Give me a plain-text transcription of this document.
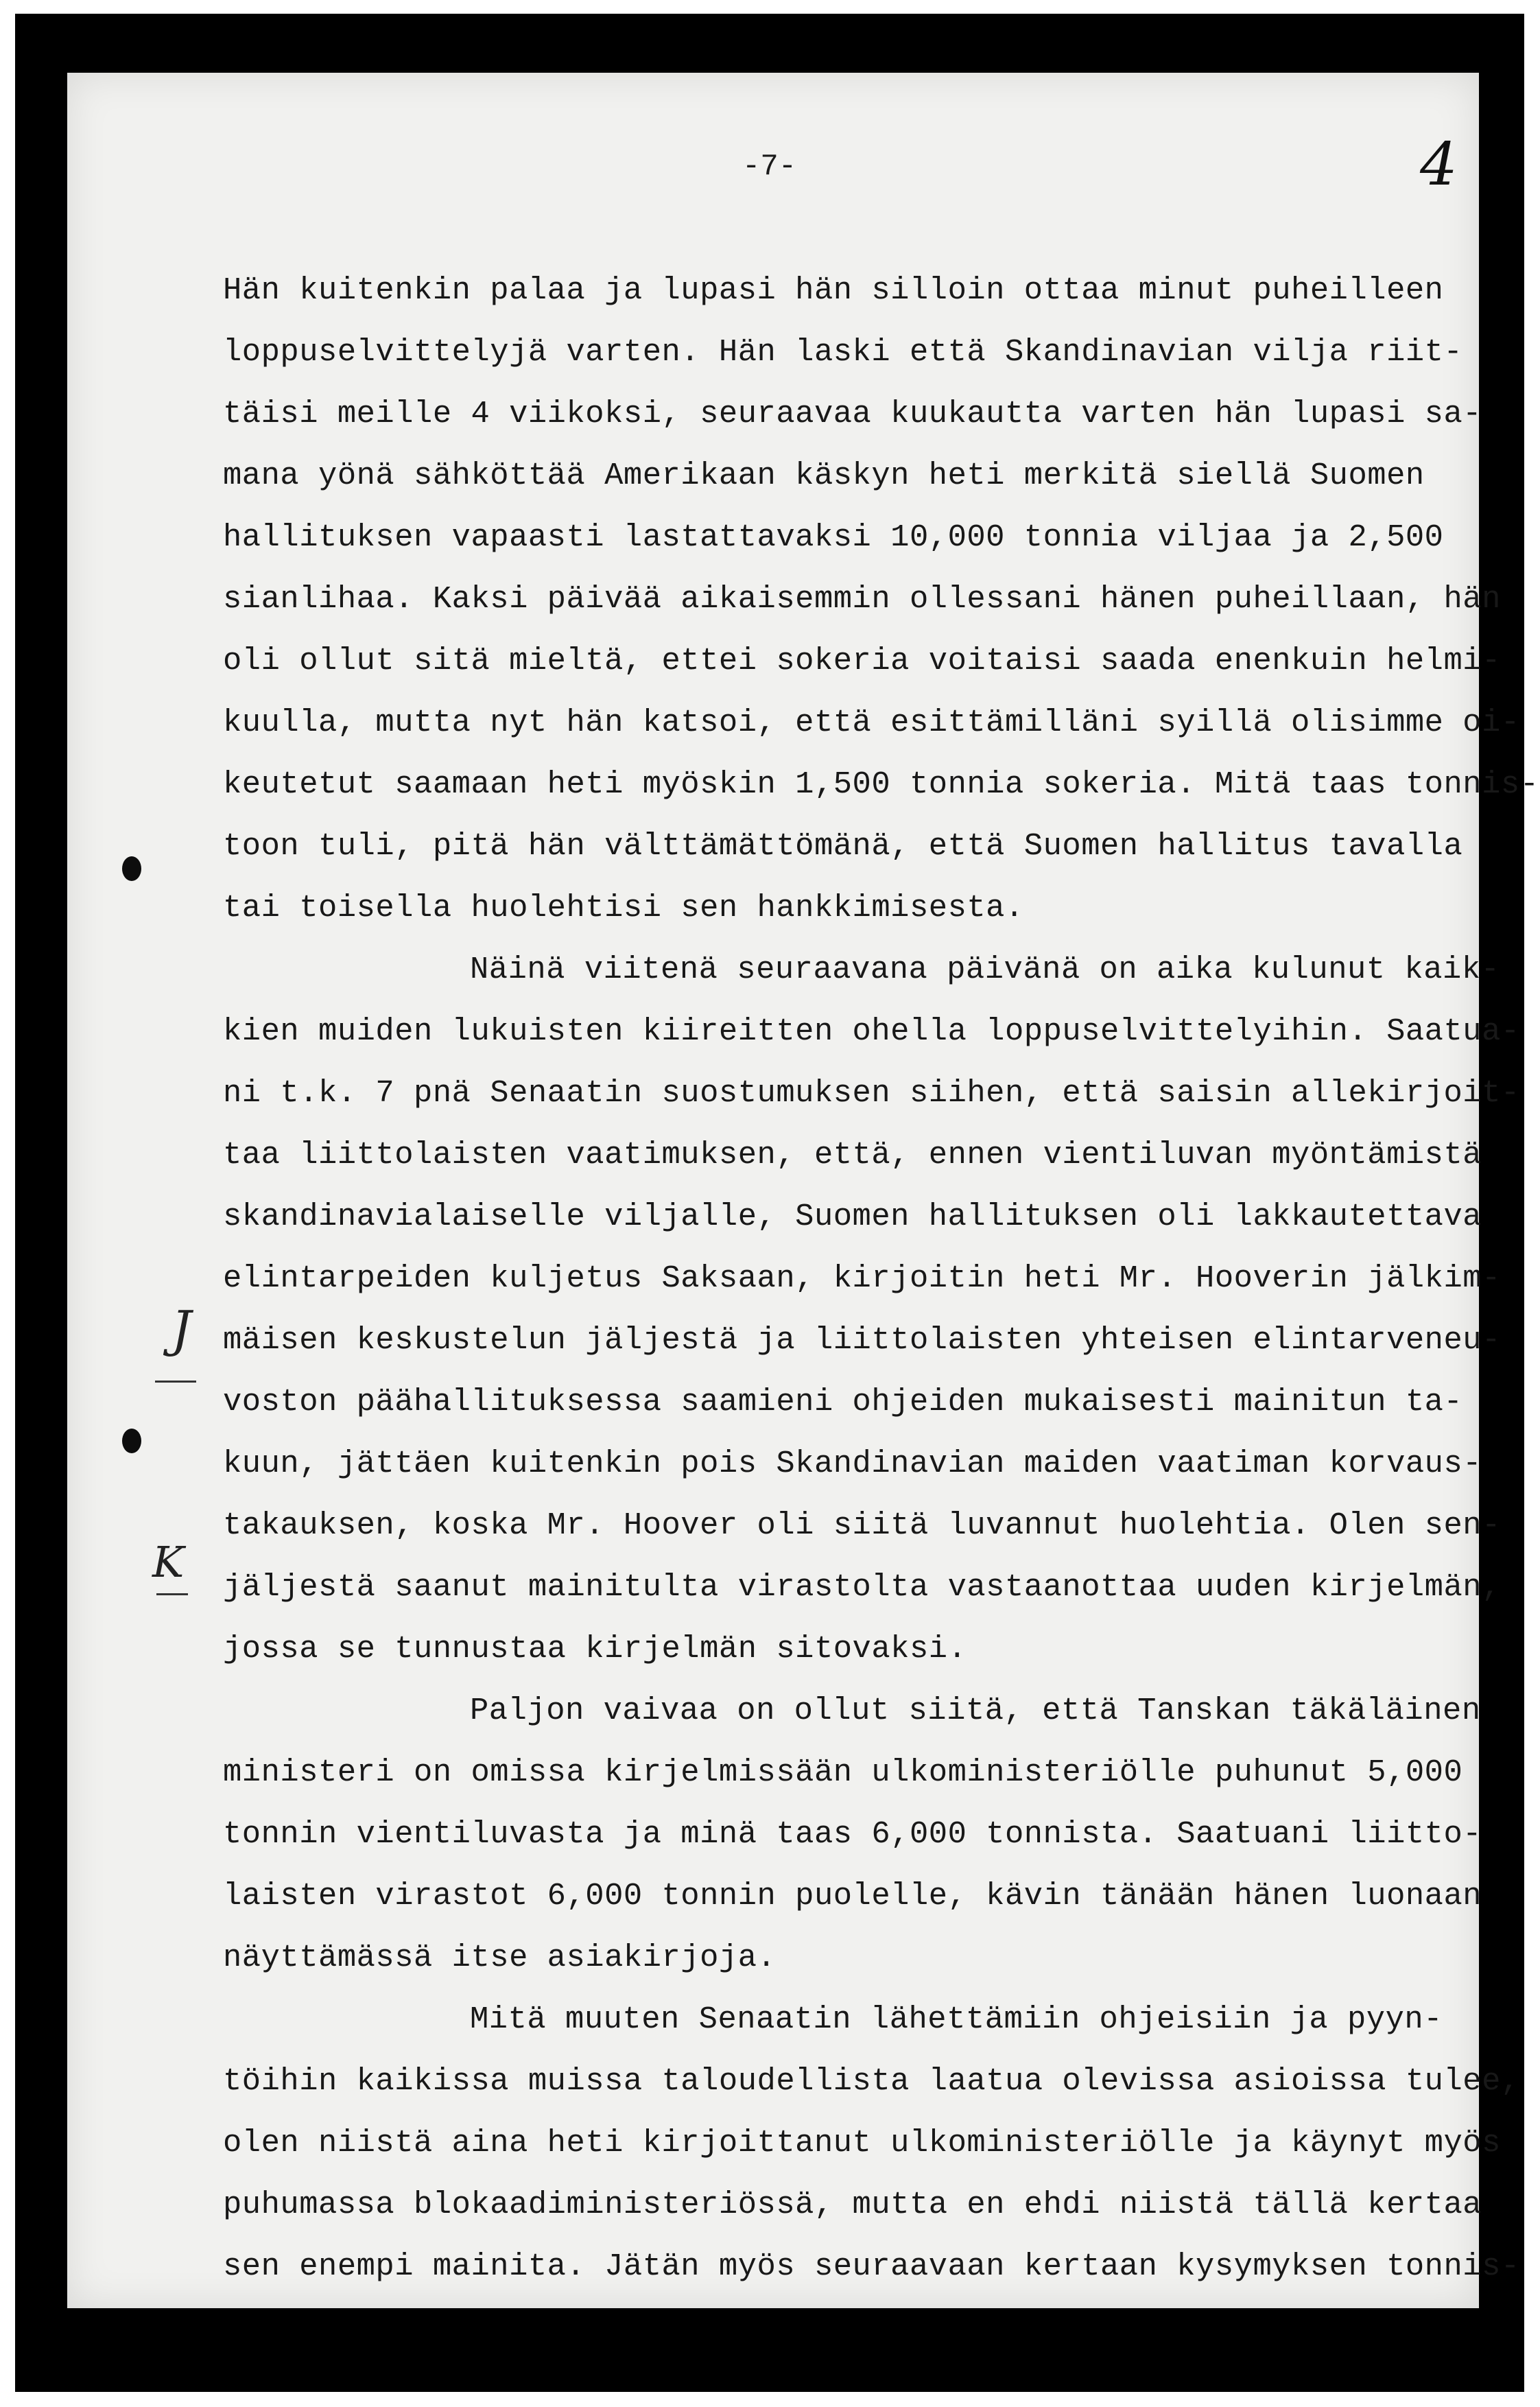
-7-	4
J
K
Hän kuitenkin palaa ja lupasi hän silloin ottaa minut puheilleen
loppuselvittelyjä varten. Hän laski että Skandinavian vilja riit-
täisi meille 4 viikoksi, seuraavaa kuukautta varten hän lupasi sa-
mana yönä sähköttää Amerikaan käskyn heti merkitä siellä Suomen
hallituksen vapaasti lastattavaksi 10,000 tonnia viljaa ja 2,500
sianlihaa. Kaksi päivää aikaisemmin ollessani hänen puheillaan, hän
oli ollut sitä mieltä, ettei sokeria voitaisi saada enenkuin helmi-
kuulla, mutta nyt hän katsoi, että esittämilläni syillä olisimme oi-
keutetut saamaan heti myöskin 1,500 tonnia sokeria. Mitä taas tonnis-
toon tuli, pitä hän välttämättömänä, että Suomen hallitus tavalla
tai toisella huolehtisi sen hankkimisesta.
Näinä viitenä seuraavana päivänä on aika kulunut kaik-
kien muiden lukuisten kiireitten ohella loppuselvittelyihin. Saatua-
ni t.k. 7 pnä Senaatin suostumuksen siihen, että saisin allekirjoit-
taa liittolaisten vaatimuksen, että, ennen vientiluvan myöntämistä
skandinavialaiselle viljalle, Suomen hallituksen oli lakkautettava
elintarpeiden kuljetus Saksaan, kirjoitin heti Mr. Hooverin jälkim-
mäisen keskustelun jäljestä ja liittolaisten yhteisen elintarveneu-
voston päähallituksessa saamieni ohjeiden mukaisesti mainitun ta-
kuun, jättäen kuitenkin pois Skandinavian maiden vaatiman korvaus-
takauksen, koska Mr. Hoover oli siitä luvannut huolehtia. Olen sen-
jäljestä saanut mainitulta virastolta vastaanottaa uuden kirjelmän,
jossa se tunnustaa kirjelmän sitovaksi.
Paljon vaivaa on ollut siitä, että Tanskan täkäläinen
ministeri on omissa kirjelmissään ulkoministeriölle puhunut 5,000
tonnin vientiluvasta ja minä taas 6,000 tonnista. Saatuani liitto-
laisten virastot 6,000 tonnin puolelle, kävin tänään hänen luonaan
näyttämässä itse asiakirjoja.
Mitä muuten Senaatin lähettämiin ohjeisiin ja pyyn-
töihin kaikissa muissa taloudellista laatua olevissa asioissa tulee,
olen niistä aina heti kirjoittanut ulkoministeriölle ja käynyt myös
puhumassa blokaadiministeriössä, mutta en ehdi niistä tällä kertaa
sen enempi mainita. Jätän myös seuraavaan kertaan kysymyksen tonnis-
